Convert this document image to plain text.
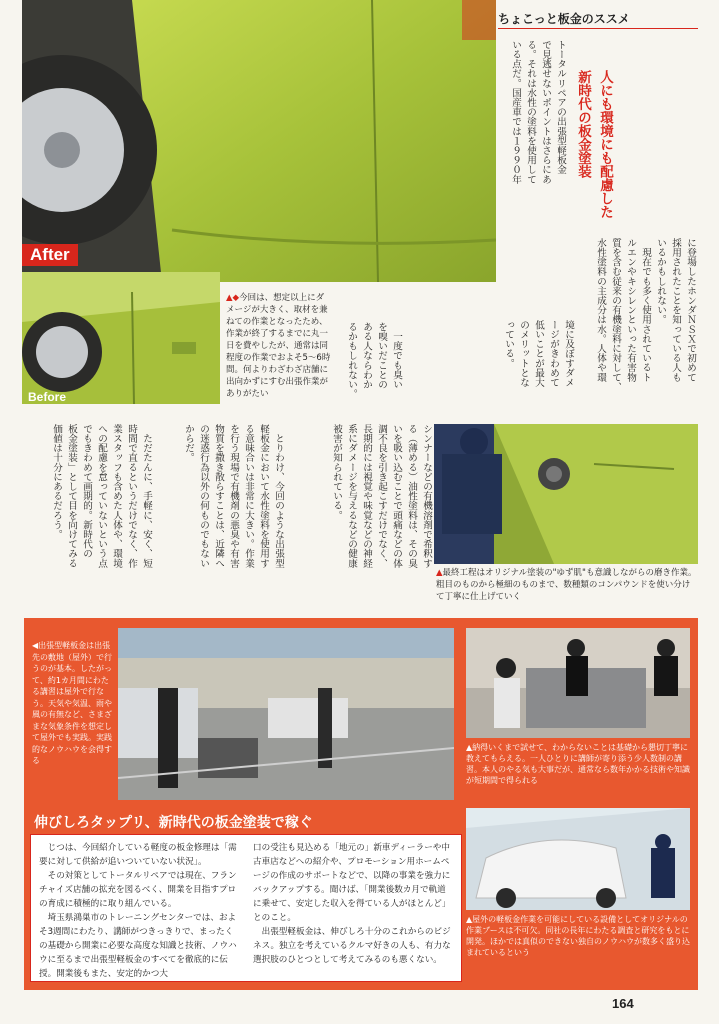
After
Before
▲◆今回は、想定以上にダメージが大きく、取材を兼ねての作業となったため、作業が終了するまでに丸一日を費やしたが、通常は同程度の作業でおよそ5〜6時間。何よりわざわざ店舗に出向かずにすむ出張作業がありがたい
ちょこっと板金のススメ

人にも環境にも配慮した

新時代の板金塗装

トータルリペアの出張型軽板金
で見逃せないポイントはさらにあ
る。それは水性の塗料を使用して
いる点だ。国産車では１９９０年
に登場したホンダＮＳＸで初めて
採用されたことを知っている人も
いるかもしれない。
　現在でも多く使用されているト
ルエンやキシレンといった有害物
質を含む従来の有機塗料に対して、
水性塗料の主成分は水。人体や環
境に及ぼすダメ
ージがきわめて
低いことが最大
のメリットとな
っている。
　一度でも臭い
を嗅いだことの
ある人ならわか
るかもしれない。
シンナーなどの有機溶剤で希釈す
る（薄める）油性塗料は、その臭
いを吸い込むことで頭痛などの体
調不良を引き起こすだけでなく、
長期的には視覚や味覚などの神経
系にダメージを与えるなどの健康
被害が知られている。
　とりわけ、今回のような出張型
軽板金において水性塗料を使用す
る意味合いは非常に大きい。作業
を行う現場で有機剤の悪臭や有害
物質を撒き散らすことは、近隣へ
の迷惑行為以外の何ものでもない
からだ。
　ただたんに、手軽に、安く、短
時間で直るというだけでなく、作
業スタッフも含めた人体や、環境
への配慮を怠っていないという点
でもきわめて画期的。新時代の
板金塗装」として目を向けてみる
価値は十分にあるだろう。
▲最終工程はオリジナル塗装の"ゆず肌"も意識しながらの磨き作業。粗目のものから極細のものまで、数種類のコンパウンドを使い分けて丁寧に仕上げていく
◀出張型軽板金は出張先の敷地（屋外）で行うのが基本。したがって、約1カ月間にわたる講習は屋外で行なう。天気や気温、雨や風の有無など、さまざまな気象条件を想定して屋外でも実践。実践的なノウハウを会得する
▲納得いくまで試せて、わからないことは基礎から懇切丁寧に教えてもらえる。一人ひとりに講師が寄り添う少人数制の講習。本人のやる気も大事だが、通常なら数年かかる技術や知識が短期間で得られる
伸びしろタップリ、新時代の板金塗装で稼ぐ
　じつは、今回紹介している軽度の板金修理は「需要に対して供給が追いついていない状況」。
　その対策としてトータルリペアでは現在、フランチャイズ店舗の拡充を図るべく、開業を目指すプロの育成に積極的に取り組んでいる。
　埼玉県鴻巣市のトレーニングセンターでは、およそ3週間にわたり、講師がつきっきりで、まったくの基礎から開業に必要な高度な知識と技術、ノウハウに至るまで出張型軽板金のすべてを徹底的に伝授。開業後もまた、安定的かつ大
口の受注も見込める「地元の」新車ディーラーや中古車店などへの紹介や、プロモーション用ホームページの作成のサポートなどで、以降の事業を強力にバックアップする。聞けば、「開業後数カ月で軌道に乗せて、安定した収入を得ている人がほとんど」とのこと。
　出張型軽板金は、伸びしろ十分のこれからのビジネス。独立を考えているクルマ好きの人も、有力な選択肢のひとつとして考えてみるのも悪くない。
▲屋外の軽板金作業を可能にしている設備としてオリジナルの作業ブースは不可欠。同社の長年にわたる調査と研究をもとに開発。ほかでは真似のできない独自のノウハウが数多く盛り込まれているという
164
